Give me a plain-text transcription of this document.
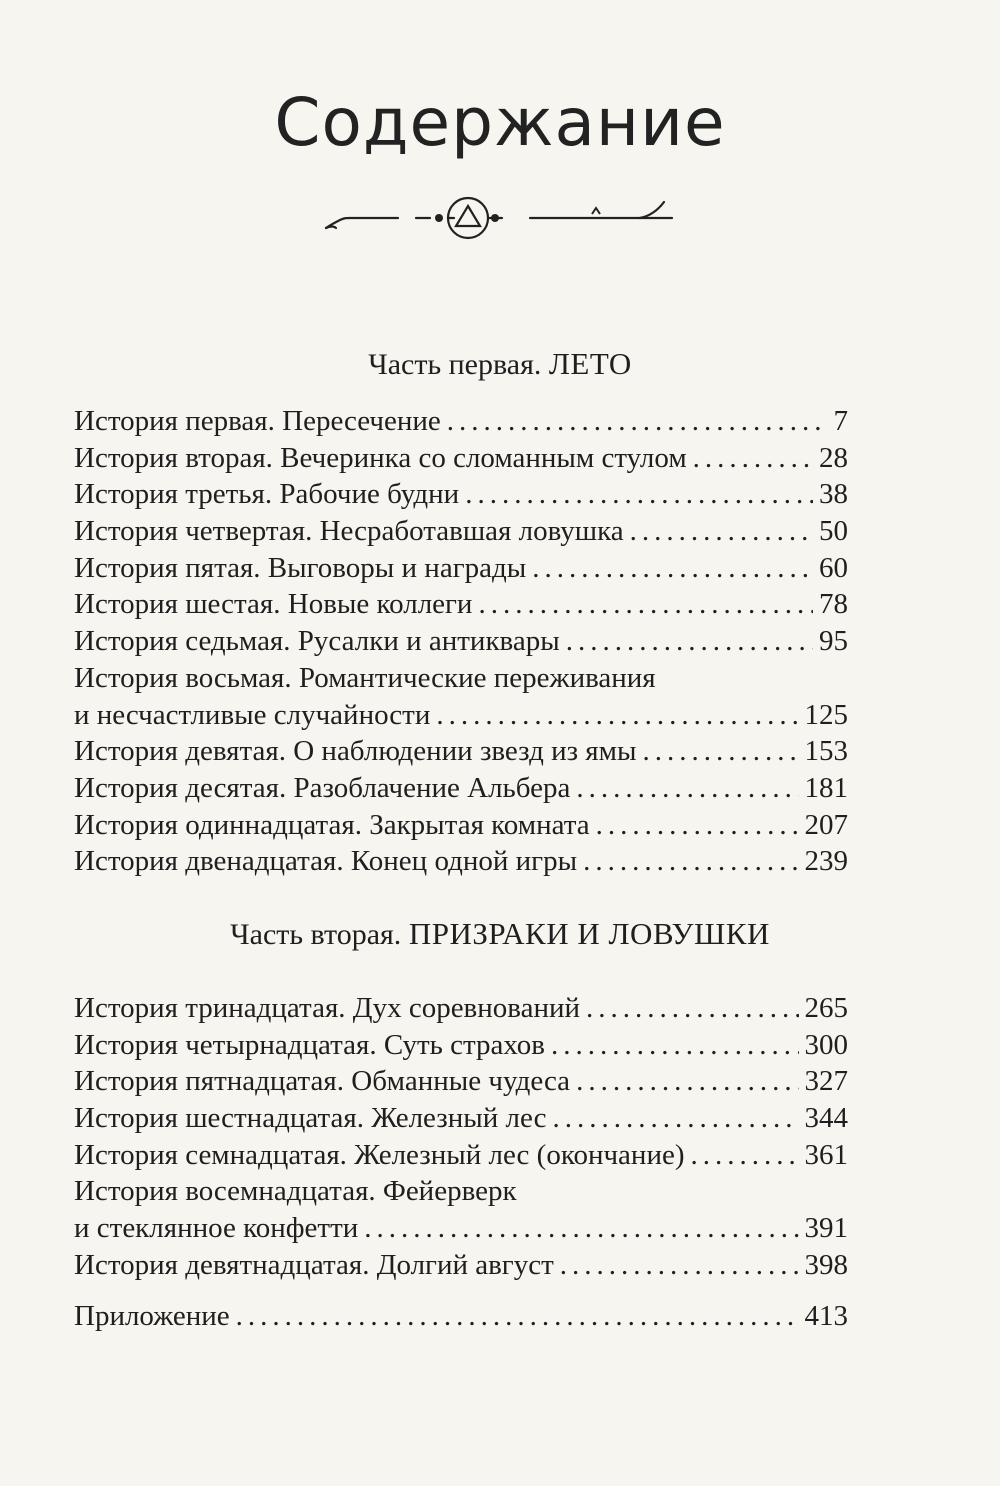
Содержание
Часть первая. ЛЕТО
История первая. Пересечение .....	7
История вторая. Вечеринка со сломанным стулом .....	28
История третья. Рабочие будни .....	38
История четвертая. Несработавшая ловушка .....	50
История пятая. Выговоры и награды .....	60
История шестая. Новые коллеги .....	78
История седьмая. Русалки и антиквары .....	95
История восьмая. Романтические переживания
и несчастливые случайности .....	125
История девятая. О наблюдении звезд из ямы .....	153
История десятая. Разоблачение Альбера .....	181
История одиннадцатая. Закрытая комната .....	207
История двенадцатая. Конец одной игры .....	239
Часть вторая. ПРИЗРАКИ И ЛОВУШКИ
История тринадцатая. Дух соревнований .....	265
История четырнадцатая. Суть страхов .....	300
История пятнадцатая. Обманные чудеса .....	327
История шестнадцатая. Железный лес .....	344
История семнадцатая. Железный лес (окончание) .....	361
История восемнадцатая. Фейерверк
и стеклянное конфетти .....	391
История девятнадцатая. Долгий август .....	398
Приложение .....	413
